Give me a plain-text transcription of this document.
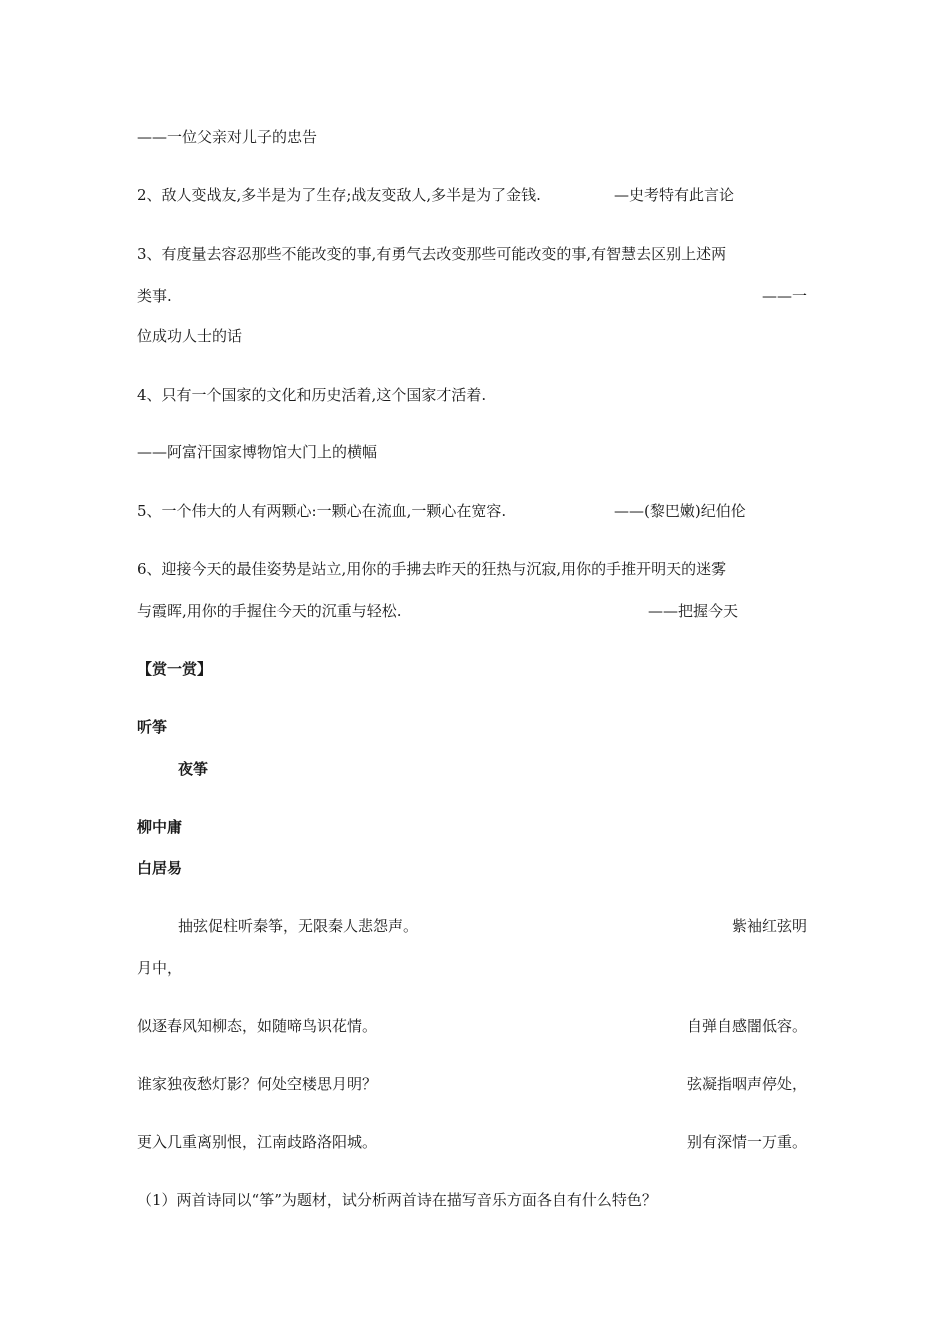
——一位父亲对儿子的忠告
2、敌人变战友,多半是为了生存;战友变敌人,多半是为了金钱.	—史考特有此言论
3、有度量去容忍那些不能改变的事,有勇气去改变那些可能改变的事,有智慧去区别上述两
类事.	——一
位成功人士的话
4、只有一个国家的文化和历史活着,这个国家才活着.
——阿富汗国家博物馆大门上的横幅
5、一个伟大的人有两颗心:一颗心在流血,一颗心在宽容.	——(黎巴嫩)纪伯伦
6、迎接今天的最佳姿势是站立,用你的手拂去昨天的狂热与沉寂,用你的手推开明天的迷雾
与霞晖,用你的手握住今天的沉重与轻松.	——把握今天
【赏一赏】
听筝
夜筝
柳中庸
白居易
抽弦促柱听秦筝，无限秦人悲怨声。	紫袖红弦明
月中，
似逐春风知柳态，如随啼鸟识花情。	自弹自感闇低容。
谁家独夜愁灯影？何处空楼思月明？	弦凝指咽声停处，
更入几重离别恨，江南歧路洛阳城。	别有深情一万重。
（1）两首诗同以“筝”为题材，试分析两首诗在描写音乐方面各自有什么特色？
